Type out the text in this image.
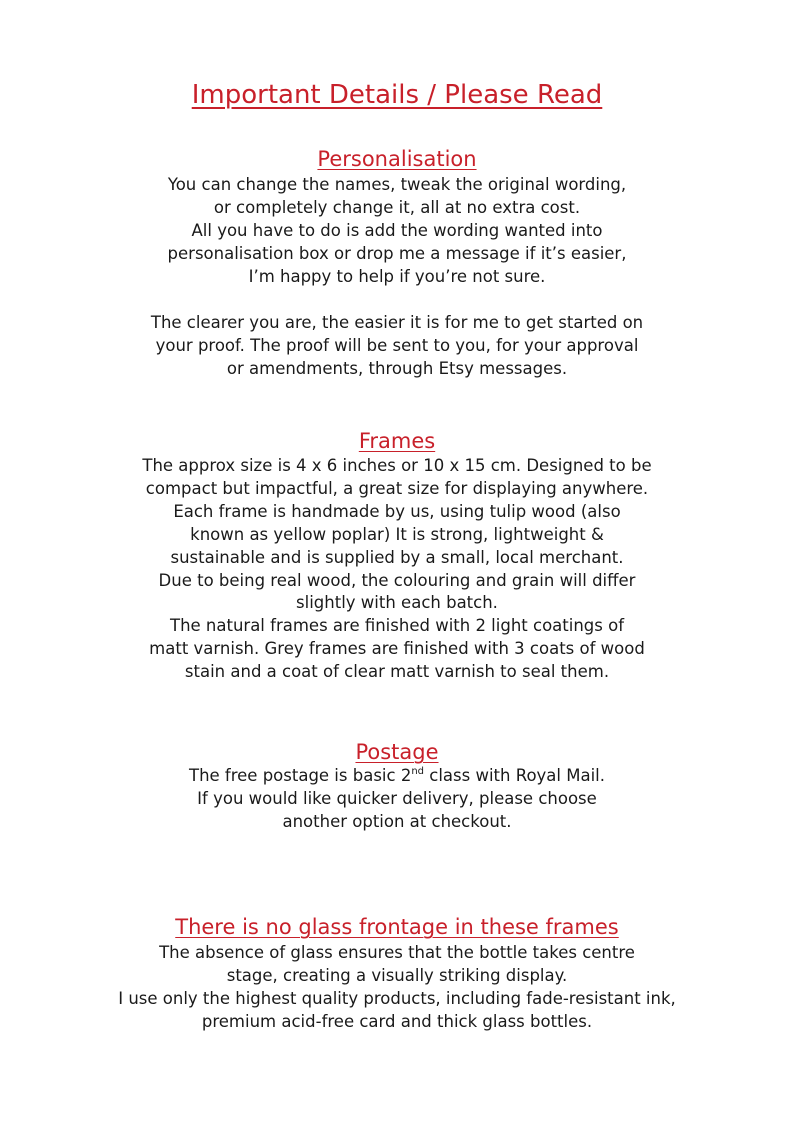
Important Details / Please Read
Personalisation
You can change the names, tweak the original wording,
or completely change it, all at no extra cost.
All you have to do is add the wording wanted into
personalisation box or drop me a message if it’s easier,
I’m happy to help if you’re not sure.
The clearer you are, the easier it is for me to get started on
your proof. The proof will be sent to you, for your approval
or amendments, through Etsy messages.
Frames
The approx size is 4 x 6 inches or 10 x 15 cm. Designed to be
compact but impactful, a great size for displaying anywhere.
Each frame is handmade by us, using tulip wood (also
known as yellow poplar) It is strong, lightweight &
sustainable and is supplied by a small, local merchant.
Due to being real wood, the colouring and grain will differ
slightly with each batch.
The natural frames are finished with 2 light coatings of
matt varnish. Grey frames are finished with 3 coats of wood
stain and a coat of clear matt varnish to seal them.
Postage
The free postage is basic 2nd class with Royal Mail.
If you would like quicker delivery, please choose
another option at checkout.
There is no glass frontage in these frames
The absence of glass ensures that the bottle takes centre
stage, creating a visually striking display.
I use only the highest quality products, including fade-resistant ink,
premium acid-free card and thick glass bottles.
